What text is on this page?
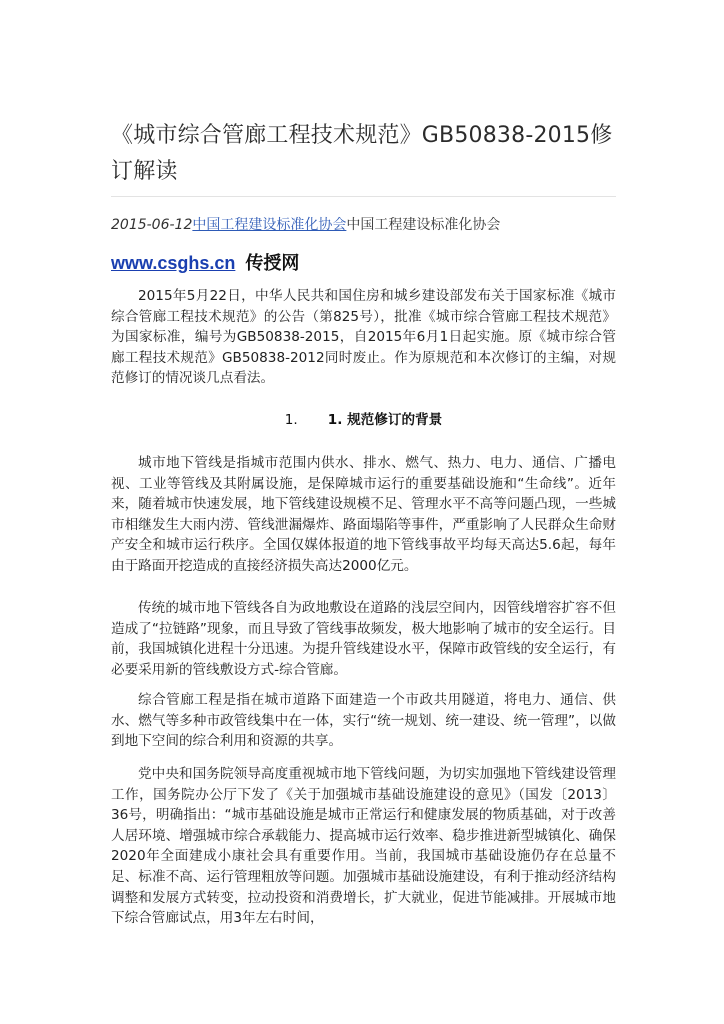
《城市综合管廊工程技术规范》GB50838-2015修订解读
2015-06-12中国工程建设标准化协会中国工程建设标准化协会
www.csghs.cn 传授网

2015年5月22日，中华人民共和国住房和城乡建设部发布关于国家标准《城市综合管廊工程技术规范》的公告（第825号），批准《城市综合管廊工程技术规范》为国家标准，编号为GB50838-2015，自2015年6月1日起实施。原《城市综合管廊工程技术规范》GB50838-2012同时废止。作为原规范和本次修订的主编，对规范修订的情况谈几点看法。

1. 1. 规范修订的背景

城市地下管线是指城市范围内供水、排水、燃气、热力、电力、通信、广播电视、工业等管线及其附属设施，是保障城市运行的重要基础设施和“生命线”。近年来，随着城市快速发展，地下管线建设规模不足、管理水平不高等问题凸现，一些城市相继发生大雨内涝、管线泄漏爆炸、路面塌陷等事件，严重影响了人民群众生命财产安全和城市运行秩序。全国仅媒体报道的地下管线事故平均每天高达5.6起，每年由于路面开挖造成的直接经济损失高达2000亿元。

传统的城市地下管线各自为政地敷设在道路的浅层空间内，因管线增容扩容不但造成了“拉链路”现象，而且导致了管线事故频发，极大地影响了城市的安全运行。目前，我国城镇化进程十分迅速。为提升管线建设水平，保障市政管线的安全运行，有必要采用新的管线敷设方式-综合管廊。

综合管廊工程是指在城市道路下面建造一个市政共用隧道，将电力、通信、供水、燃气等多种市政管线集中在一体，实行“统一规划、统一建设、统一管理”，以做到地下空间的综合利用和资源的共享。

党中央和国务院领导高度重视城市地下管线问题，为切实加强地下管线建设管理工作，国务院办公厅下发了《关于加强城市基础设施建设的意见》（国发〔2013〕36号，明确指出：“城市基础设施是城市正常运行和健康发展的物质基础，对于改善人居环境、增强城市综合承载能力、提高城市运行效率、稳步推进新型城镇化、确保2020年全面建成小康社会具有重要作用。当前，我国城市基础设施仍存在总量不足、标准不高、运行管理粗放等问题。加强城市基础设施建设，有利于推动经济结构调整和发展方式转变，拉动投资和消费增长，扩大就业，促进节能减排。开展城市地下综合管廊试点，用3年左右时间，
